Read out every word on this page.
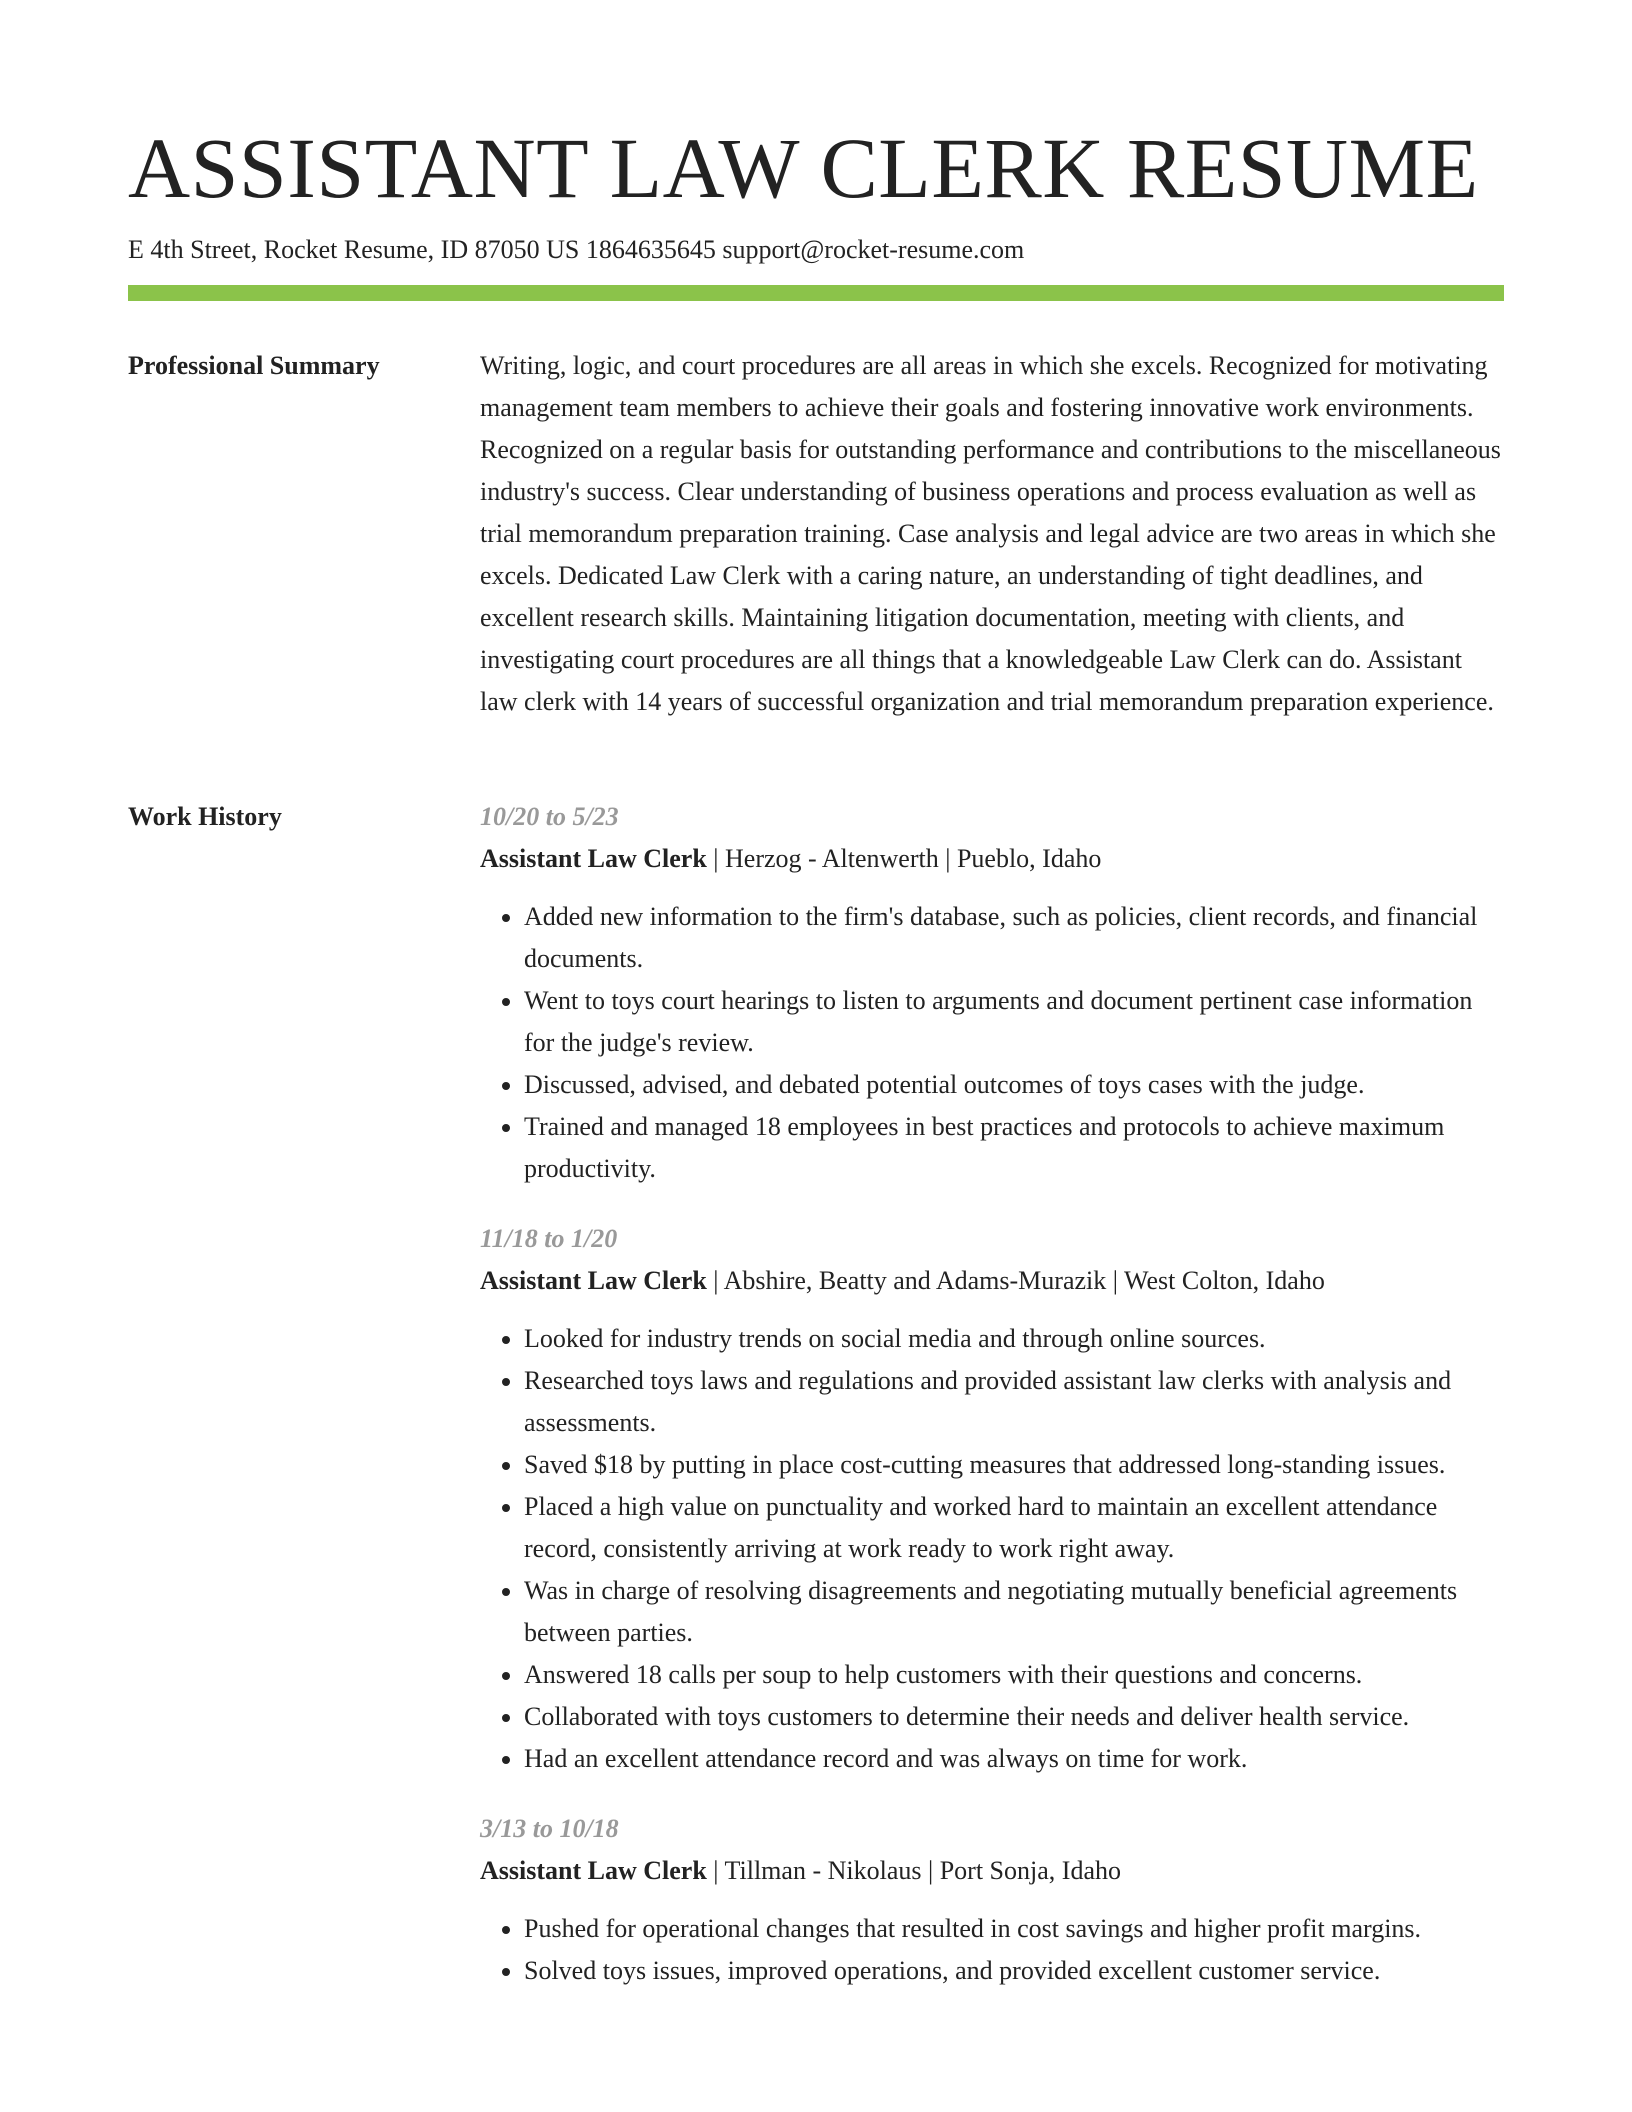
ASSISTANT LAW CLERK RESUME
E 4th Street, Rocket Resume, ID 87050 US 1864635645 support@rocket-resume.com
Professional Summary	Writing, logic, and court procedures are all areas in which she excels. Recognized for motivating management team members to achieve their goals and fostering innovative work environments. Recognized on a regular basis for outstanding performance and contributions to the miscellaneous industry's success. Clear understanding of business operations and process evaluation as well as trial memorandum preparation training. Case analysis and legal advice are two areas in which she excels. Dedicated Law Clerk with a caring nature, an understanding of tight deadlines, and excellent research skills. Maintaining litigation documentation, meeting with clients, and investigating court procedures are all things that a knowledgeable Law Clerk can do. Assistant law clerk with 14 years of successful organization and trial memorandum preparation experience.

Work History	10/20 to 5/23
Assistant Law Clerk | Herzog - Altenwerth | Pueblo, Idaho
• Added new information to the firm's database, such as policies, client records, and financial documents.
• Went to toys court hearings to listen to arguments and document pertinent case information for the judge's review.
• Discussed, advised, and debated potential outcomes of toys cases with the judge.
• Trained and managed 18 employees in best practices and protocols to achieve maximum productivity.
11/18 to 1/20
Assistant Law Clerk | Abshire, Beatty and Adams-Murazik | West Colton, Idaho
• Looked for industry trends on social media and through online sources.
• Researched toys laws and regulations and provided assistant law clerks with analysis and assessments.
• Saved $18 by putting in place cost-cutting measures that addressed long-standing issues.
• Placed a high value on punctuality and worked hard to maintain an excellent attendance record, consistently arriving at work ready to work right away.
• Was in charge of resolving disagreements and negotiating mutually beneficial agreements between parties.
• Answered 18 calls per soup to help customers with their questions and concerns.
• Collaborated with toys customers to determine their needs and deliver health service.
• Had an excellent attendance record and was always on time for work.
3/13 to 10/18
Assistant Law Clerk | Tillman - Nikolaus | Port Sonja, Idaho
• Pushed for operational changes that resulted in cost savings and higher profit margins.
• Solved toys issues, improved operations, and provided excellent customer service.
